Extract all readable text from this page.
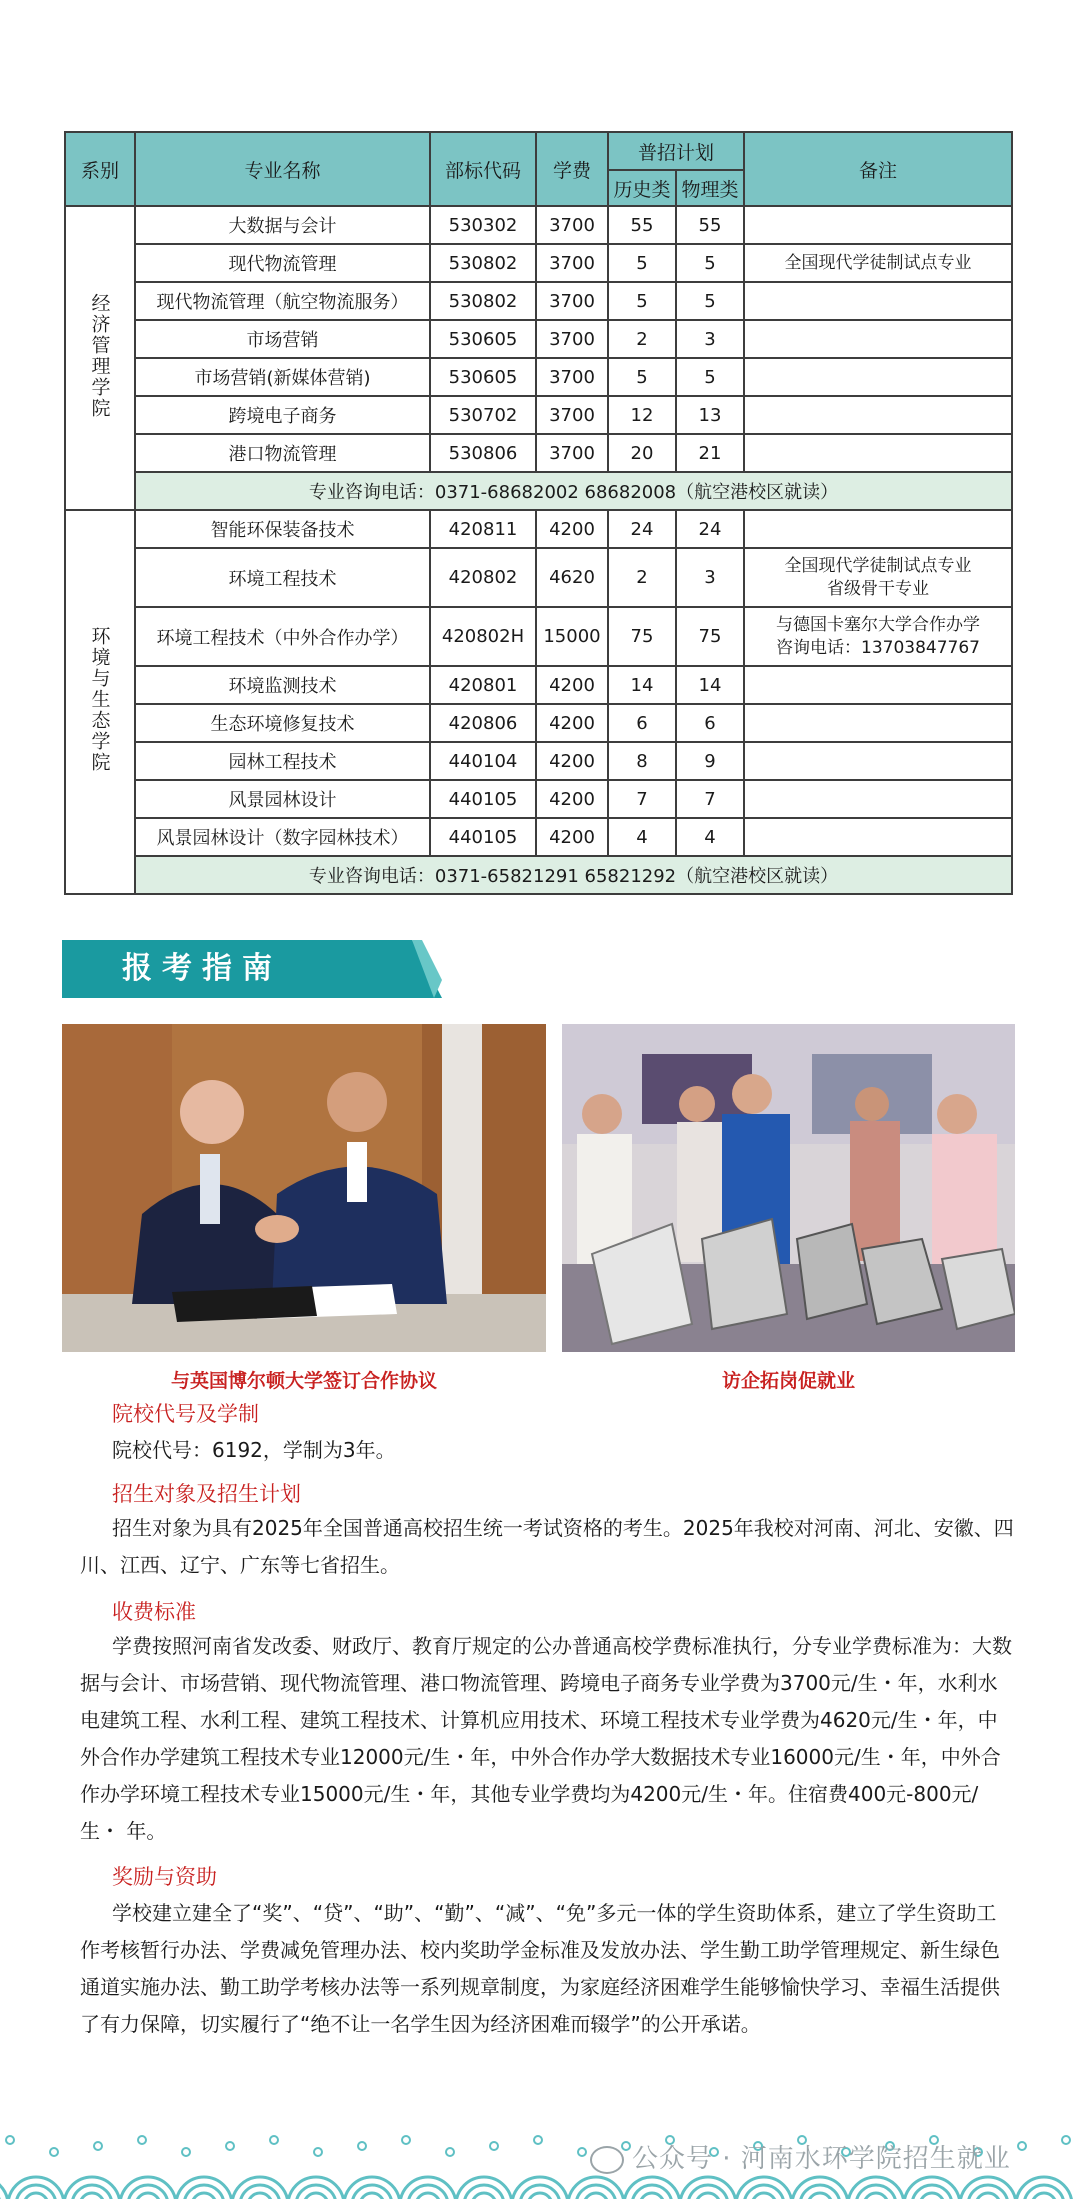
系别	专业名称	部标代码	学费	普招计划		备注
				历史类	物理类	
经济管理学院	大数据与会计	530302	3700	55	55	
	现代物流管理	530802	3700	5	5	全国现代学徒制试点专业

	现代物流管理（航空物流服务）	530802	3700	5	5	
	市场营销	530605	3700	2	3	
	市场营销(新媒体营销)	530605	3700	5	5	
	跨境电子商务	530702	3700	12	13	
	港口物流管理	530806	3700	20	21	
	专业咨询电话：0371-68682002 68682008（航空港校区就读）					
环境与生态学院	智能环保装备技术	420811	4200	24	24	
	环境工程技术	420802	4620	2	3	全国现代学徒制试点专业
省级骨干专业

	环境工程技术（中外合作办学）	420802H	15000	75	75	与德国卡塞尔大学合作办学
咨询电话：13703847767

	环境监测技术	420801	4200	14	14	
	生态环境修复技术	420806	4200	6	6	
	园林工程技术	440104	4200	8	9	
	风景园林设计	440105	4200	7	7	
	风景园林设计（数字园林技术）	440105	4200	4	4	
	专业咨询电话：0371-65821291 65821292（航空港校区就读）					
报考指南
与英国博尔顿大学签订合作协议	访企拓岗促就业
院校代号及学制

院校代号：6192，学制为3年。

招生对象及招生计划

招生对象为具有2025年全国普通高校招生统一考试资格的考生。2025年我校对河南、河北、安徽、四川、江西、辽宁、广东等七省招生。

收费标准

学费按照河南省发改委、财政厅、教育厅规定的公办普通高校学费标准执行，分专业学费标准为：大数据与会计、市场营销、现代物流管理、港口物流管理、跨境电子商务专业学费为3700元/生・年，水利水电建筑工程、水利工程、建筑工程技术、计算机应用技术、环境工程技术专业学费为4620元/生・年，中外合作办学建筑工程技术专业12000元/生・年，中外合作办学大数据技术专业16000元/生・年，中外合作办学环境工程技术专业15000元/生・年，其他专业学费均为4200元/生・年。住宿费400元-800元/生・ 年。

奖励与资助

学校建立建全了“奖”、“贷”、“助”、“勤”、“减”、“免”多元一体的学生资助体系，建立了学生资助工作考核暂行办法、学费减免管理办法、校内奖助学金标准及发放办法、学生勤工助学管理规定、新生绿色通道实施办法、勤工助学考核办法等一系列规章制度，为家庭经济困难学生能够愉快学习、幸福生活提供了有力保障，切实履行了“绝不让一名学生因为经济困难而辍学”的公开承诺。

公众号 · 河南水环学院招生就业
